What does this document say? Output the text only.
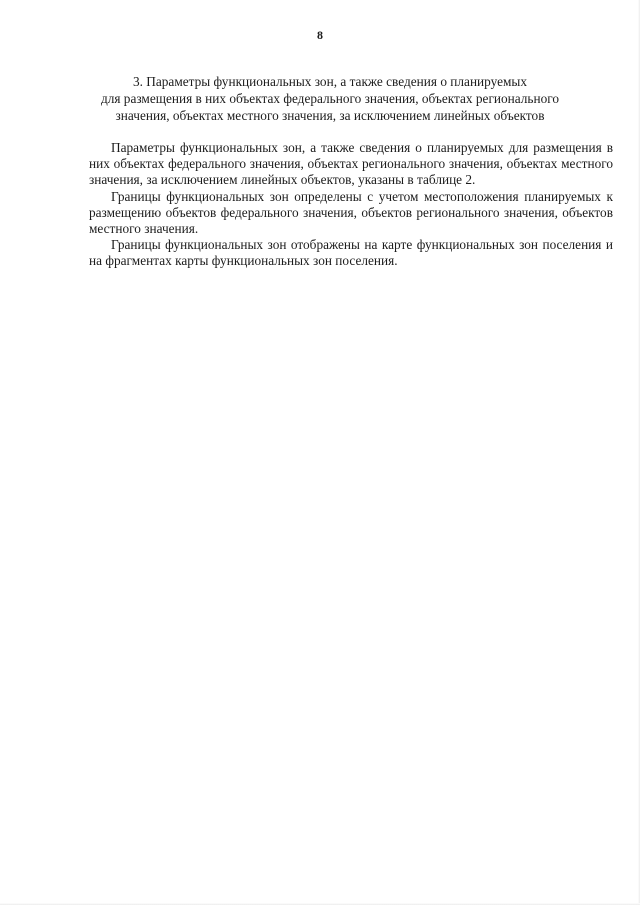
8
3. Параметры функциональных зон, а также сведения о планируемых
для размещения в них объектах федерального значения, объектах регионального
значения, объектах местного значения, за исключением линейных объектов

Параметры функциональных зон, а также сведения о планируемых для размещения в них объектах федерального значения, объектах регионального значения, объектах местного значения, за исключением линейных объектов, указаны в таблице 2.

Границы функциональных зон определены с учетом местоположения планируемых к размещению объектов федерального значения, объектов регионального значения, объектов местного значения.

Границы функциональных зон отображены на карте функциональных зон поселения и на фрагментах карты функциональных зон поселения.
